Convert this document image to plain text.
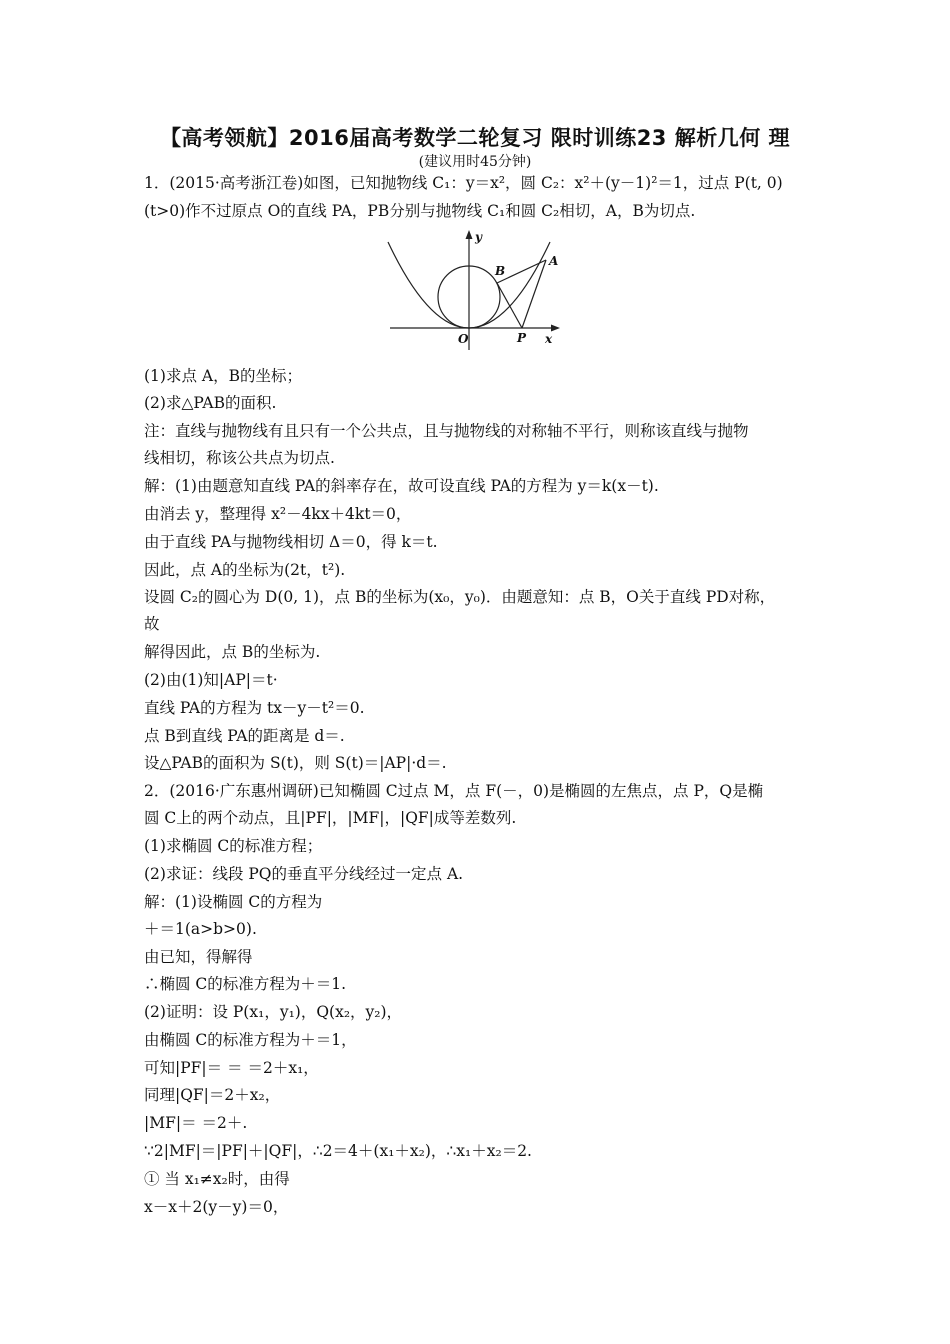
【高考领航】2016届高考数学二轮复习 限时训练23 解析几何 理
(建议用时45分钟)
1．(2015·高考浙江卷)如图，已知抛物线 C₁：y＝x²，圆 C₂：x²＋(y－1)²＝1，过点 P(t, 0)
(t>0)作不过原点 O的直线 PA，PB分别与抛物线 C₁和圆 C₂相切，A，B为切点.
y
x
O	P
A
B
(1)求点 A，B的坐标；
(2)求△PAB的面积.
注：直线与抛物线有且只有一个公共点，且与抛物线的对称轴不平行，则称该直线与抛物
线相切，称该公共点为切点.
解：(1)由题意知直线 PA的斜率存在，故可设直线 PA的方程为 y＝k(x－t).
由消去 y，整理得 x²－4kx＋4kt＝0，
由于直线 PA与抛物线相切 Δ＝0，得 k＝t.
因此，点 A的坐标为(2t，t²).
设圆 C₂的圆心为 D(0, 1)，点 B的坐标为(x₀，y₀)．由题意知：点 B，O关于直线 PD对称，
故
解得因此，点 B的坐标为.
(2)由(1)知|AP|＝t·
直线 PA的方程为 tx－y－t²＝0.
点 B到直线 PA的距离是 d＝.
设△PAB的面积为 S(t)，则 S(t)＝|AP|·d＝.
2．(2016·广东惠州调研)已知椭圆 C过点 M，点 F(－，0)是椭圆的左焦点，点 P，Q是椭
圆 C上的两个动点，且|PF|，|MF|，|QF|成等差数列.
(1)求椭圆 C的标准方程；
(2)求证：线段 PQ的垂直平分线经过一定点 A.
解：(1)设椭圆 C的方程为
＋＝1(a>b>0).
由已知，得解得
∴椭圆 C的标准方程为＋＝1.
(2)证明：设 P(x₁，y₁)，Q(x₂，y₂)，
由椭圆 C的标准方程为＋＝1，
可知|PF|＝ ＝ ＝2＋x₁，
同理|QF|＝2＋x₂，
|MF|＝ ＝2＋.
∵2|MF|＝|PF|＋|QF|，∴2＝4＋(x₁＋x₂)，∴x₁＋x₂＝2.
① 当 x₁≠x₂时，由得
x－x＋2(y－y)＝0，
